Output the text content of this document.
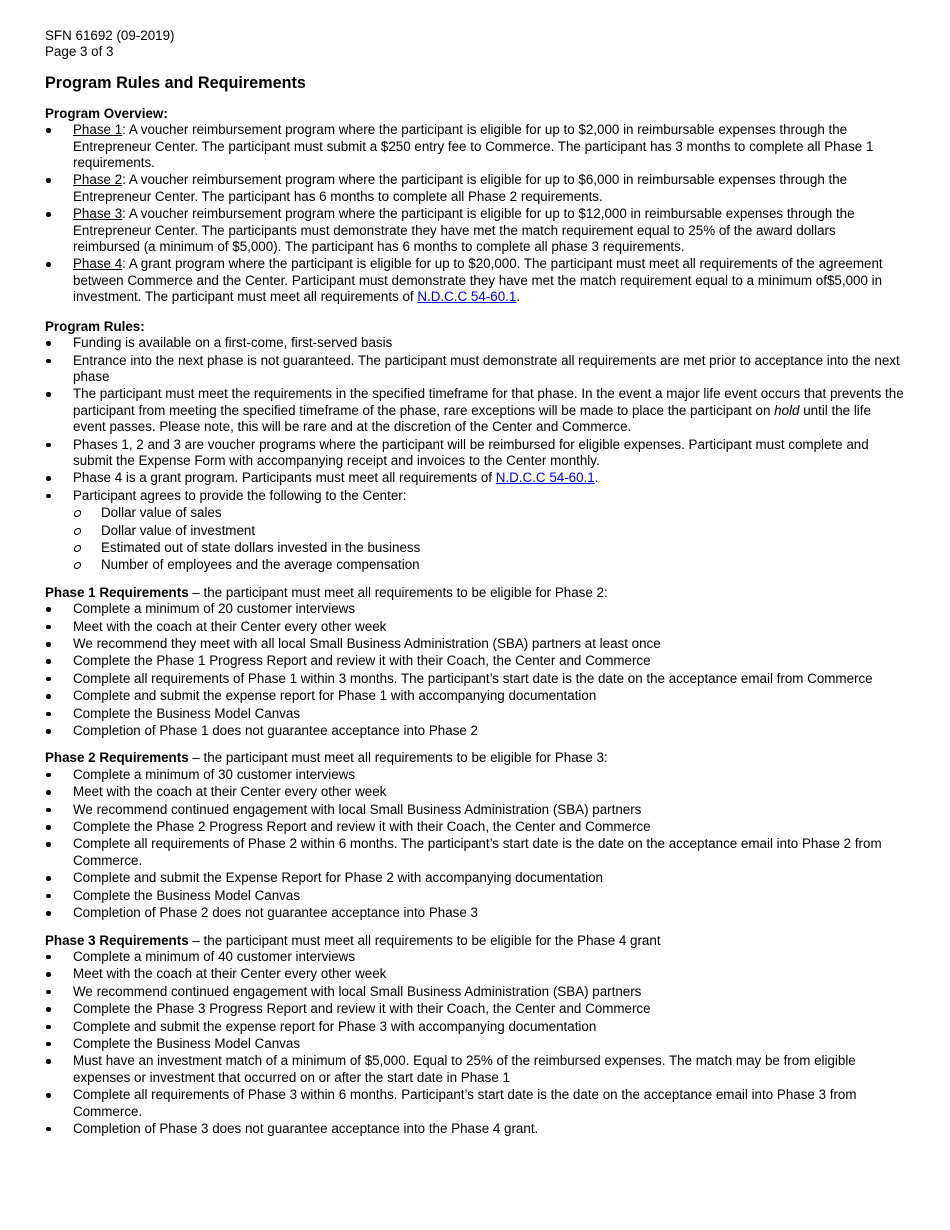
SFN 61692 (09-2019)
Page 3 of 3
Program Rules and Requirements
Program Overview:
Phase 1: A voucher reimbursement program where the participant is eligible for up to $2,000 in reimbursable expenses through the Entrepreneur Center. The participant must submit a $250 entry fee to Commerce. The participant has 3 months to complete all Phase 1 requirements.
Phase 2: A voucher reimbursement program where the participant is eligible for up to $6,000 in reimbursable expenses through the Entrepreneur Center. The participant has 6 months to complete all Phase 2 requirements.
Phase 3: A voucher reimbursement program where the participant is eligible for up to $12,000 in reimbursable expenses through the Entrepreneur Center. The participants must demonstrate they have met the match requirement equal to 25% of the award dollars reimbursed (a minimum of $5,000). The participant has 6 months to complete all phase 3 requirements.
Phase 4: A grant program where the participant is eligible for up to $20,000. The participant must meet all requirements of the agreement between Commerce and the Center. Participant must demonstrate they have met the match requirement equal to a minimum of$5,000 in investment. The participant must meet all requirements of N.D.C.C 54-60.1.
Program Rules:
Funding is available on a first-come, first-served basis
Entrance into the next phase is not guaranteed. The participant must demonstrate all requirements are met prior to acceptance into the next phase
The participant must meet the requirements in the specified timeframe for that phase. In the event a major life event occurs that prevents the participant from meeting the specified timeframe of the phase, rare exceptions will be made to place the participant on hold until the life event passes. Please note, this will be rare and at the discretion of the Center and Commerce.
Phases 1, 2 and 3 are voucher programs where the participant will be reimbursed for eligible expenses. Participant must complete and submit the Expense Form with accompanying receipt and invoices to the Center monthly.
Phase 4 is a grant program. Participants must meet all requirements of N.D.C.C 54-60.1.
Participant agrees to provide the following to the Center:
Dollar value of sales
Dollar value of investment
Estimated out of state dollars invested in the business
Number of employees and the average compensation
Phase 1 Requirements – the participant must meet all requirements to be eligible for Phase 2:
Complete a minimum of 20 customer interviews
Meet with the coach at their Center every other week
We recommend they meet with all local Small Business Administration (SBA) partners at least once
Complete the Phase 1 Progress Report and review it with their Coach, the Center and Commerce
Complete all requirements of Phase 1 within 3 months. The participant’s start date is the date on the acceptance email from Commerce
Complete and submit the expense report for Phase 1 with accompanying documentation
Complete the Business Model Canvas
Completion of Phase 1 does not guarantee acceptance into Phase 2
Phase 2 Requirements – the participant must meet all requirements to be eligible for Phase 3:
Complete a minimum of 30 customer interviews
Meet with the coach at their Center every other week
We recommend continued engagement with local Small Business Administration (SBA) partners
Complete the Phase 2 Progress Report and review it with their Coach, the Center and Commerce
Complete all requirements of Phase 2 within 6 months. The participant’s start date is the date on the acceptance email into Phase 2 from Commerce.
Complete and submit the Expense Report for Phase 2 with accompanying documentation
Complete the Business Model Canvas
Completion of Phase 2 does not guarantee acceptance into Phase 3
Phase 3 Requirements – the participant must meet all requirements to be eligible for the Phase 4 grant
Complete a minimum of 40 customer interviews
Meet with the coach at their Center every other week
We recommend continued engagement with local Small Business Administration (SBA) partners
Complete the Phase 3 Progress Report and review it with their Coach, the Center and Commerce
Complete and submit the expense report for Phase 3 with accompanying documentation
Complete the Business Model Canvas
Must have an investment match of a minimum of $5,000. Equal to 25% of the reimbursed expenses. The match may be from eligible expenses or investment that occurred on or after the start date in Phase 1
Complete all requirements of Phase 3 within 6 months. Participant’s start date is the date on the acceptance email into Phase 3 from Commerce.
Completion of Phase 3 does not guarantee acceptance into the Phase 4 grant.
